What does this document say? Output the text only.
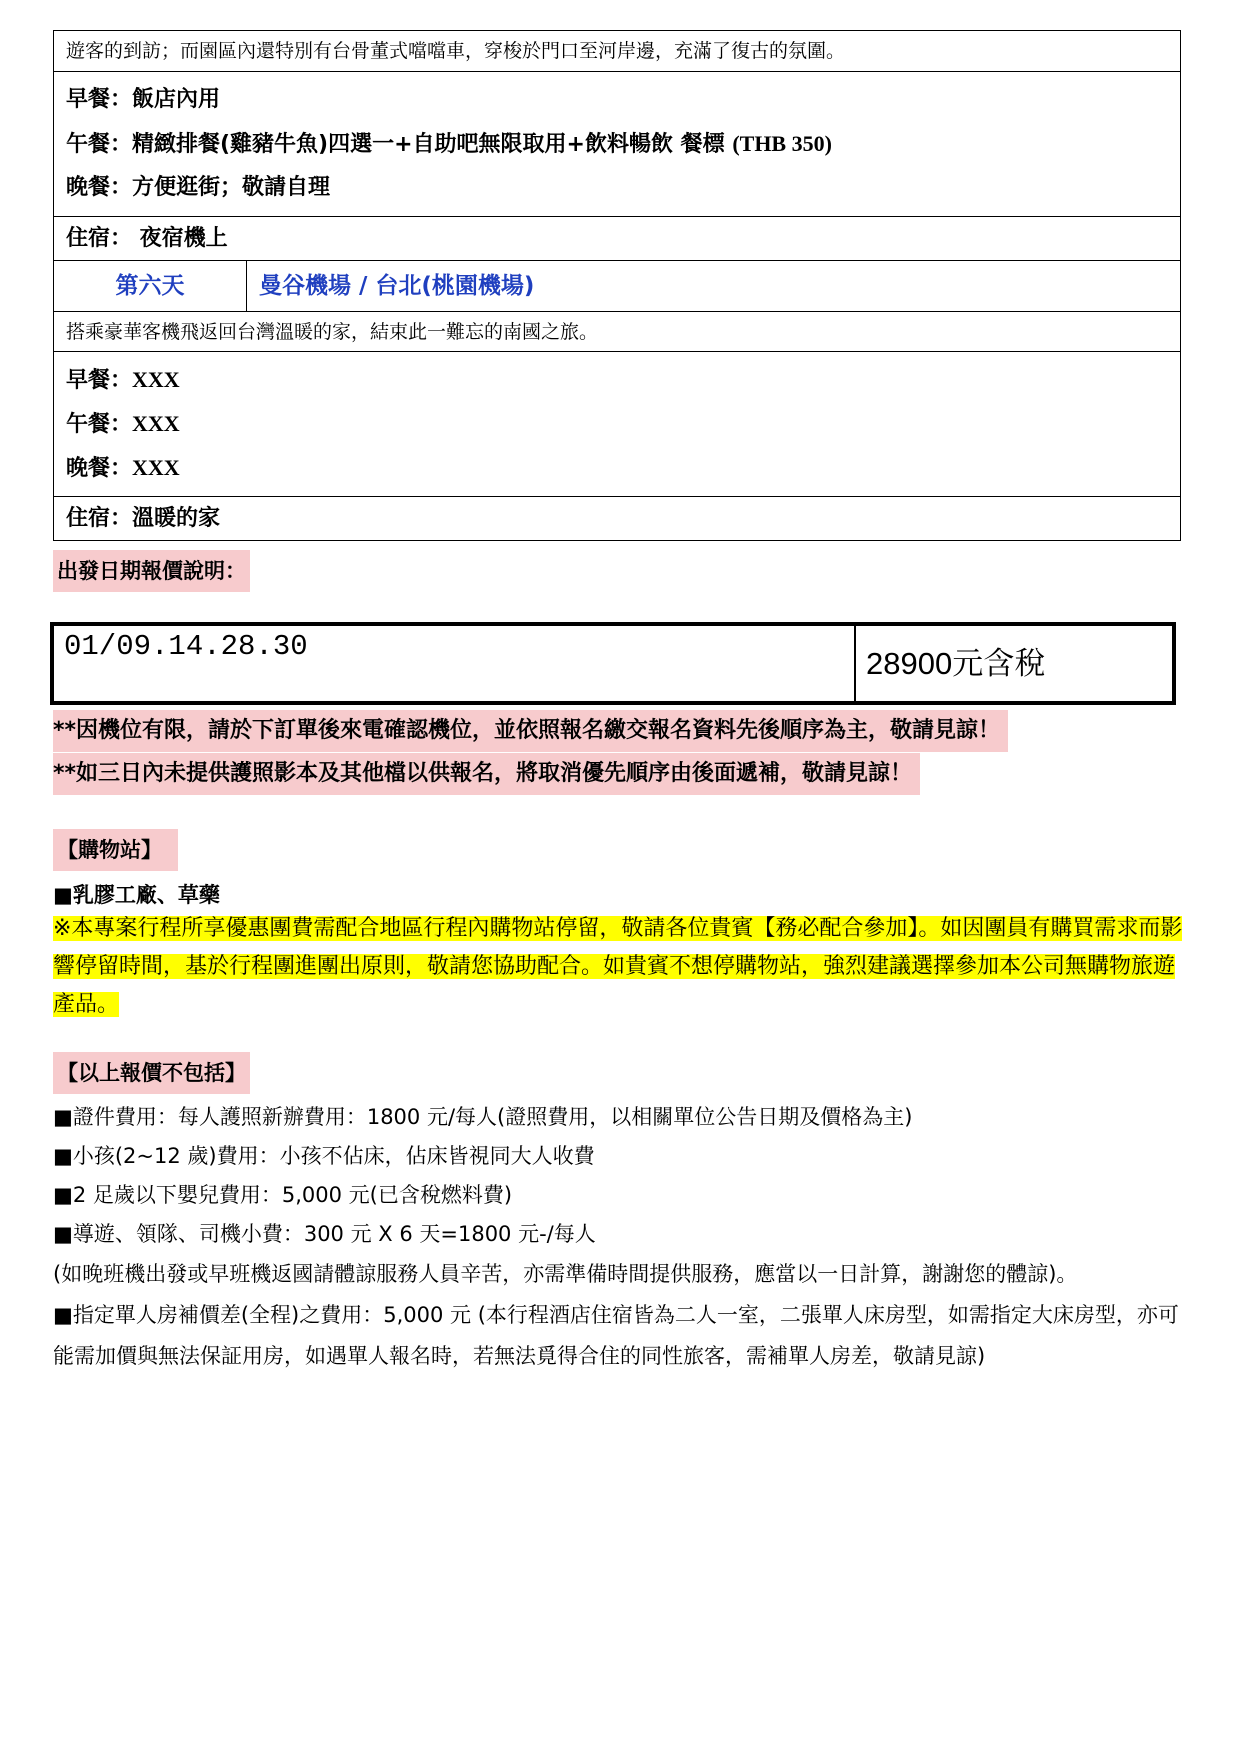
遊客的到訪；而園區內還特別有台骨董式噹噹車，穿梭於門口至河岸邊，充滿了復古的氛圍。
早餐：飯店內用
午餐：精緻排餐(雞豬牛魚)四選一+自助吧無限取用+飲料暢飲 餐標 (THB 350)
晚餐：方便逛街；敬請自理
住宿： 夜宿機上
第六天	曼谷機場 / 台北(桃園機場)
搭乘豪華客機飛返回台灣溫暖的家，結束此一難忘的南國之旅。
早餐：XXX
午餐：XXX
晚餐：XXX
住宿：溫暖的家
出發日期報價說明：
01/09.14.28.30	28900元含稅
**因機位有限，請於下訂單後來電確認機位，並依照報名繳交報名資料先後順序為主，敬請見諒！
**如三日內未提供護照影本及其他檔以供報名，將取消優先順序由後面遞補，敬請見諒！
【購物站】
■乳膠工廠、草藥
※本專案行程所享優惠團費需配合地區行程內購物站停留，敬請各位貴賓【務必配合參加】。如因團員有購買需求而影響停留時間，基於行程團進團出原則，敬請您協助配合。如貴賓不想停購物站，強烈建議選擇參加本公司無購物旅遊產品。
【以上報價不包括】
■證件費用：每人護照新辦費用：1800 元/每人(證照費用，以相關單位公告日期及價格為主)
■小孩(2~12 歲)費用：小孩不佔床，佔床皆視同大人收費
■2 足歲以下嬰兒費用：5,000 元(已含稅燃料費)
■導遊、領隊、司機小費：300 元 X 6 天=1800 元-/每人
(如晚班機出發或早班機返國請體諒服務人員辛苦，亦需準備時間提供服務，應當以一日計算，謝謝您的體諒)。
■指定單人房補價差(全程)之費用：5,000 元 (本行程酒店住宿皆為二人一室，二張單人床房型，如需指定大床房型，亦可能需加價與無法保証用房，如遇單人報名時，若無法覓得合住的同性旅客，需補單人房差，敬請見諒)
